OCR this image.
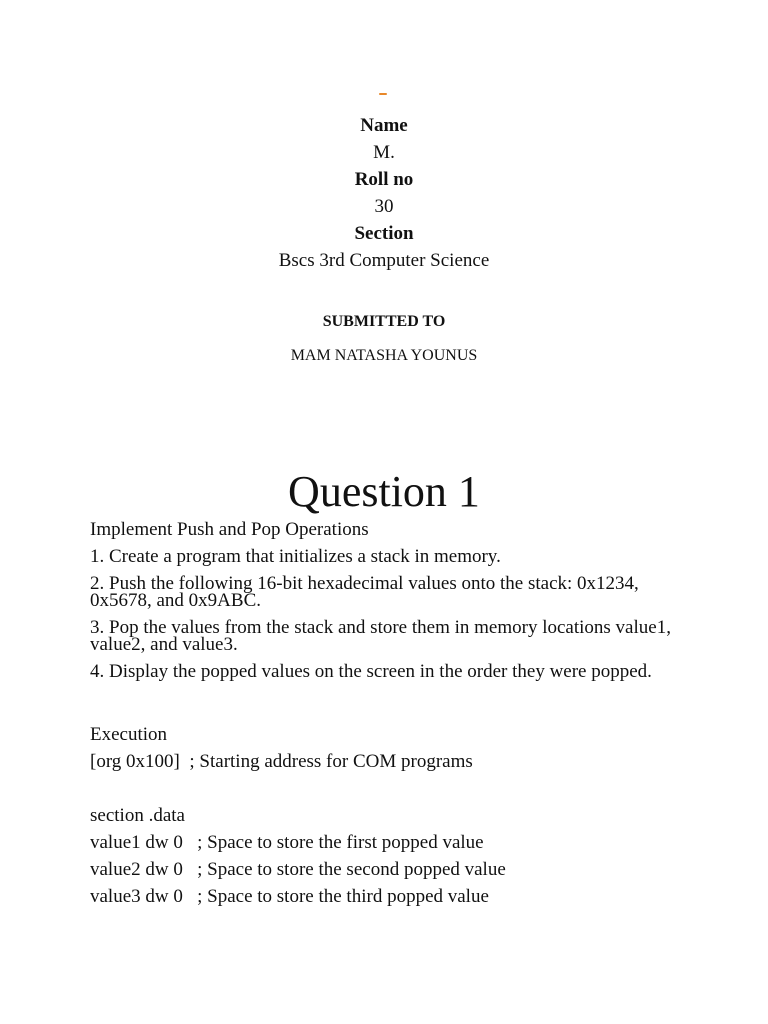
Name
M.
Roll no
30
Section
Bscs 3rd Computer Science
SUBMITTED TO
MAM NATASHA YOUNUS
Question 1
Implement Push and Pop Operations
1. Create a program that initializes a stack in memory.
2. Push the following 16-bit hexadecimal values onto the stack: 0x1234, 0x5678, and 0x9ABC.
3. Pop the values from the stack and store them in memory locations value1, value2, and value3.
4. Display the popped values on the screen in the order they were popped.
Execution
[org 0x100]  ; Starting address for COM programs
section .data
value1 dw 0   ; Space to store the first popped value
value2 dw 0   ; Space to store the second popped value
value3 dw 0   ; Space to store the third popped value
